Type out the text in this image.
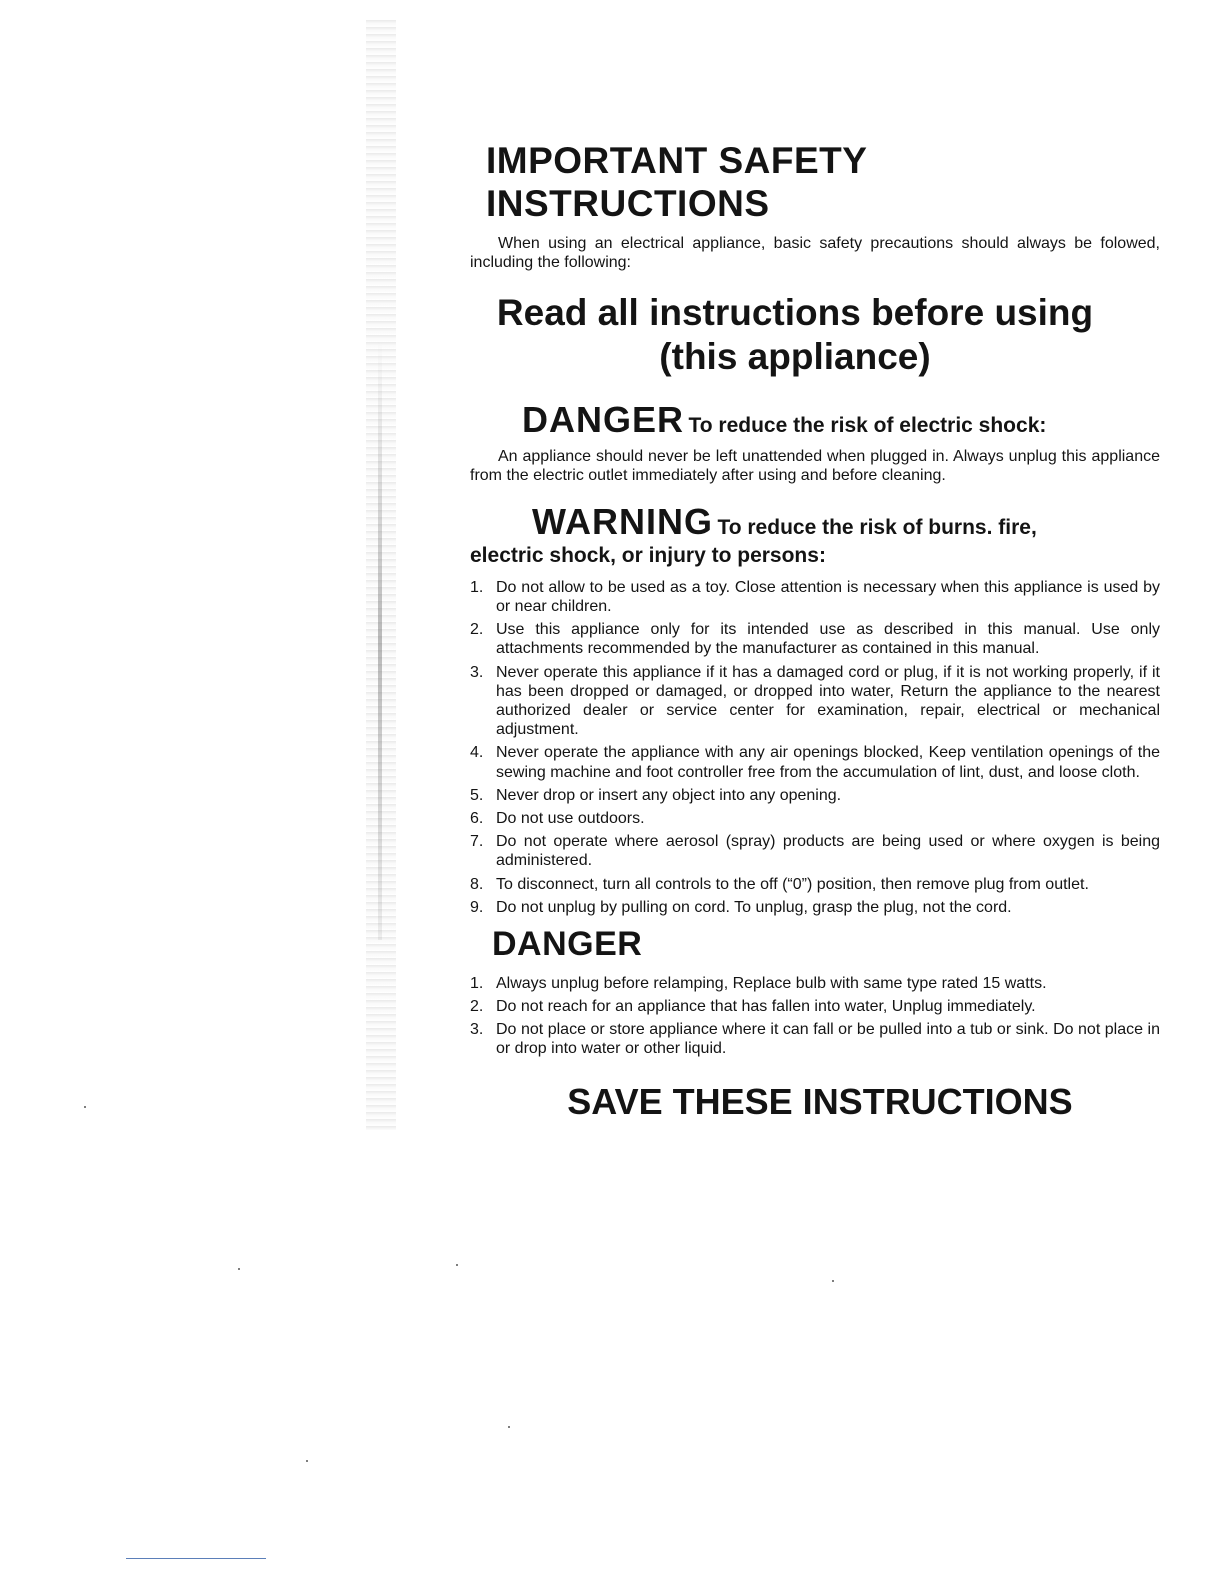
IMPORTANT SAFETY INSTRUCTIONS

When using an electrical appliance, basic safety precautions should always be folowed, including the following:

Read all instructions before using
(this appliance)
DANGER To reduce the risk of electric shock:

An appliance should never be left unattended when plugged in. Always unplug this appliance from the electric outlet immediately after using and before cleaning.

WARNING To reduce the risk of burns. fire,
electric shock, or injury to persons:
1. Do not allow to be used as a toy. Close attention is necessary when this appliance is used by or near children.
2. Use this appliance only for its intended use as described in this manual. Use only attachments recommended by the manufacturer as contained in this manual.
3. Never operate this appliance if it has a damaged cord or plug, if it is not working properly, if it has been dropped or damaged, or dropped into water, Return the appliance to the nearest authorized dealer or service center for examination, repair, electrical or mechanical adjustment.
4. Never operate the appliance with any air openings blocked, Keep ventilation openings of the sewing machine and foot controller free from the accumulation of lint, dust, and loose cloth.
5. Never drop or insert any object into any opening.
6. Do not use outdoors.
7. Do not operate where aerosol (spray) products are being used or where oxygen is being administered.
8. To disconnect, turn all controls to the off (“0”) position, then remove plug from outlet.
9. Do not unplug by pulling on cord. To unplug, grasp the plug, not the cord.
DANGER
1. Always unplug before relamping, Replace bulb with same type rated 15 watts.
2. Do not reach for an appliance that has fallen into water, Unplug immediately.
3. Do not place or store appliance where it can fall or be pulled into a tub or sink. Do not place in or drop into water or other liquid.
SAVE THESE INSTRUCTIONS
